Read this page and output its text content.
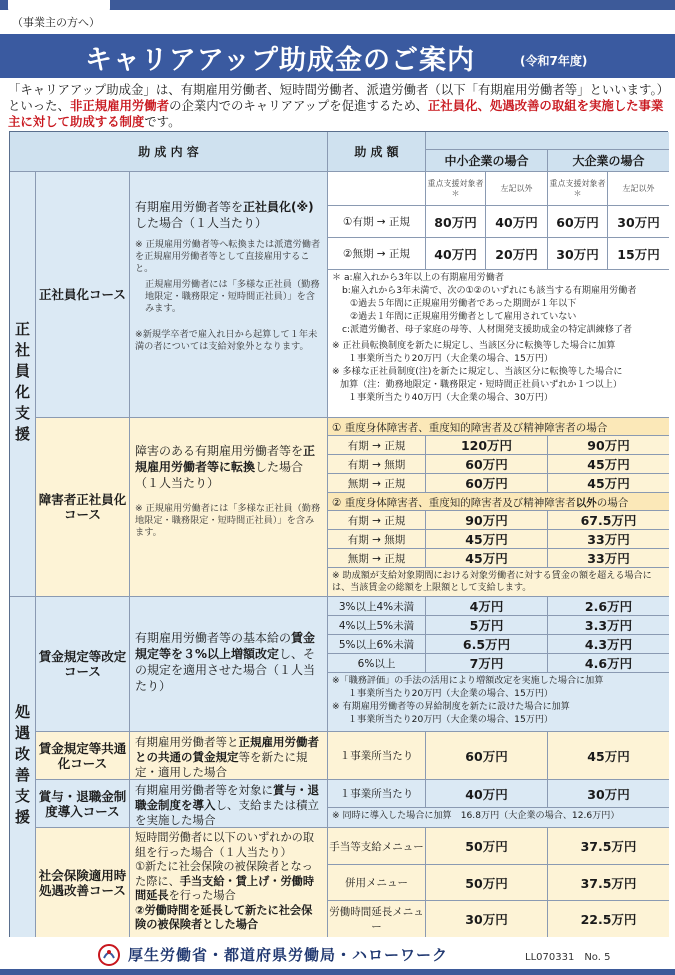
（事業主の方へ）
キャリアアップ助成金のご案内	(令和7年度)
「キャリアアップ助成金」は、有期雇用労働者、短時間労働者、派遣労働者（以下「有期雇用労働者等」といいます。）といった、非正規雇用労働者の企業内でのキャリアアップを促進するため、正社員化、処遇改善の取組を実施した事業主に対して助成する制度です。
助 成 内 容	助 成 額
中小企業の場合	大企業の場合
正社員化支援
処遇改善支援
正社員化コース
有期雇用労働者等を正社員化(※)した場合（１人当たり）
※ 正規雇用労働者等へ転換または派遣労働者を正規雇用労働者等として直接雇用すること。
正規雇用労働者には「多様な正社員（勤務地限定・職務限定・短時間正社員）」を含みます。
※新規学卒者で雇入れ日から起算して１年未満の者については支給対象外となります。
重点支援対象者＊
左記以外
重点支援対象者＊
左記以外
①有期 → 正規	80万円	40万円	60万円	30万円
②無期 → 正規	40万円	20万円	30万円	15万円
＊ a:雇入れから3年以上の有期雇用労働者
b:雇入れから3年未満で、次の①②のいずれにも該当する有期雇用労働者
①過去５年間に正規雇用労働者であった期間が１年以下
②過去１年間に正規雇用労働者として雇用されていない
c:派遣労働者、母子家庭の母等、人材開発支援助成金の特定訓練修了者
※ 正社員転換制度を新たに規定し、当該区分に転換等した場合に加算
１事業所当たり20万円（大企業の場合、15万円）
※ 多様な正社員制度(注)を新たに規定し、当該区分に転換等した場合に
加算（注：勤務地限定・職務限定・短時間正社員いずれか１つ以上）
１事業所当たり40万円（大企業の場合、30万円）
障害者正社員化コース
障害のある有期雇用労働者等を正規雇用労働者等に転換した場合（１人当たり）
※ 正規雇用労働者には「多様な正社員（勤務地限定・職務限定・短時間正社員）」を含みます。
① 重度身体障害者、重度知的障害者及び精神障害者の場合
有期 → 正規	120万円	90万円
有期 → 無期	60万円	45万円
無期 → 正規	60万円	45万円
② 重度身体障害者、重度知的障害者及び精神障害者以外の場合
有期 → 正規	90万円	67.5万円
有期 → 無期	45万円	33万円
無期 → 正規	45万円	33万円
※ 助成額が支給対象期間における対象労働者に対する賃金の額を超える場合には、当該賃金の総額を上限額として支給します。
賃金規定等改定コース
有期雇用労働者等の基本給の賃金規定等を３%以上増額改定し、その規定を適用させた場合（１人当たり）
3%以上4%未満	4万円	2.6万円
4%以上5%未満	5万円	3.3万円
5%以上6%未満	6.5万円	4.3万円
6%以上	7万円	4.6万円
※「職務評価」の手法の活用により増額改定を実施した場合に加算
１事業所当たり20万円（大企業の場合、15万円）
※ 有期雇用労働者等の昇給制度を新たに設けた場合に加算
１事業所当たり20万円（大企業の場合、15万円）
賃金規定等共通化コース
有期雇用労働者等と正規雇用労働者との共通の賃金規定等を新たに規定・適用した場合
１事業所当たり	60万円	45万円
賞与・退職金制度導入コース
有期雇用労働者等を対象に賞与・退職金制度を導入し、支給または積立を実施した場合
１事業所当たり	40万円	30万円
※ 同時に導入した場合に加算　16.8万円（大企業の場合、12.6万円）
社会保険適用時処遇改善コース
短時間労働者に以下のいずれかの取組を行った場合（１人当たり）
①新たに社会保険の被保険者となった際に、手当支給・賃上げ・労働時間延長を行った場合
②労働時間を延長して新たに社会保険の被保険者とした場合
手当等支給メニュー	50万円	37.5万円
併用メニュー	50万円	37.5万円
労働時間延長メニュー	30万円	22.5万円
厚生労働省・都道府県労働局・ハローワーク	LL070331　No. 5
